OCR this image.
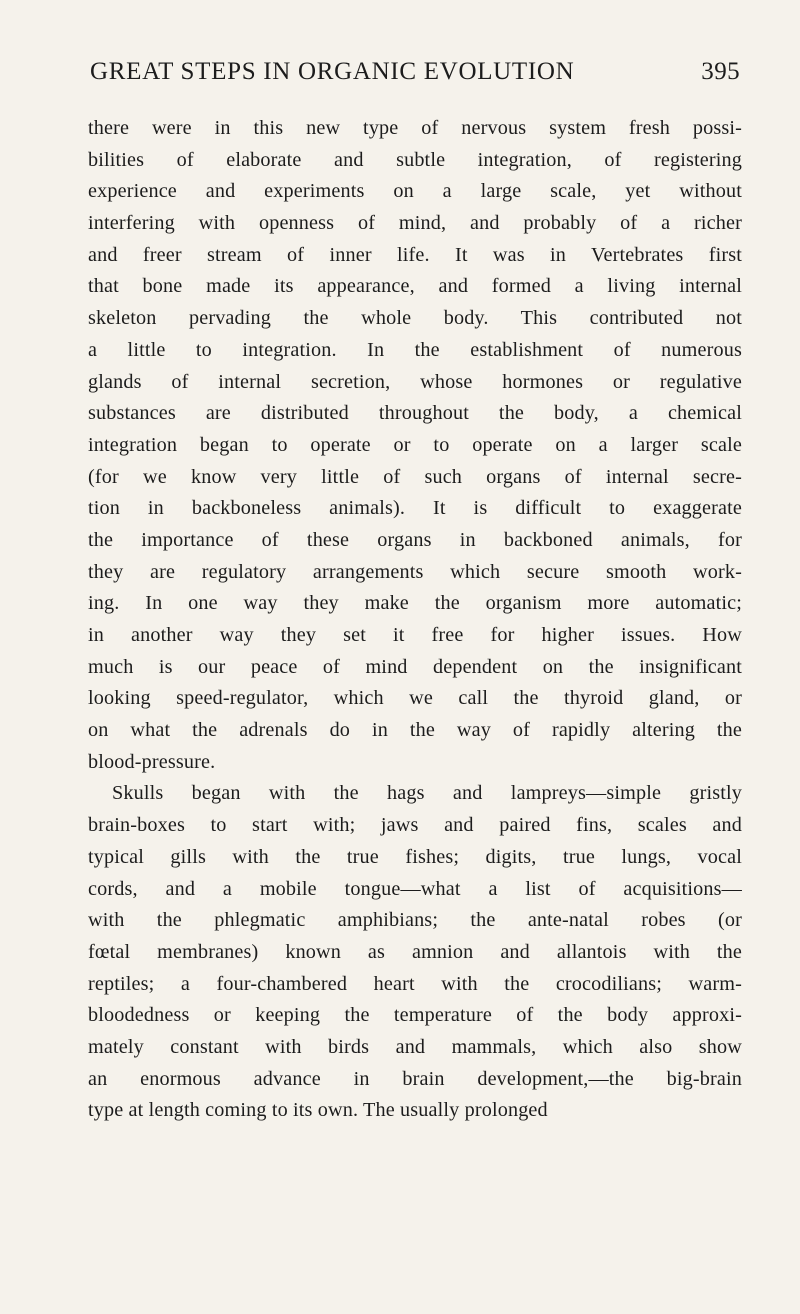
GREAT STEPS IN ORGANIC EVOLUTION	395
there were in this new type of nervous system fresh possi-
bilities of elaborate and subtle integration, of registering
experience and experiments on a large scale, yet without
interfering with openness of mind, and probably of a richer
and freer stream of inner life. It was in Vertebrates first
that bone made its appearance, and formed a living internal
skeleton pervading the whole body. This contributed not
a little to integration. In the establishment of numerous
glands of internal secretion, whose hormones or regulative
substances are distributed throughout the body, a chemical
integration began to operate or to operate on a larger scale
(for we know very little of such organs of internal secre-
tion in backboneless animals). It is difficult to exaggerate
the importance of these organs in backboned animals, for
they are regulatory arrangements which secure smooth work-
ing. In one way they make the organism more automatic;
in another way they set it free for higher issues. How
much is our peace of mind dependent on the insignificant
looking speed-regulator, which we call the thyroid gland, or
on what the adrenals do in the way of rapidly altering the
blood-pressure.
Skulls began with the hags and lampreys—simple gristly
brain-boxes to start with; jaws and paired fins, scales and
typical gills with the true fishes; digits, true lungs, vocal
cords, and a mobile tongue—what a list of acquisitions—
with the phlegmatic amphibians; the ante-natal robes (or
fœtal membranes) known as amnion and allantois with the
reptiles; a four-chambered heart with the crocodilians; warm-
bloodedness or keeping the temperature of the body approxi-
mately constant with birds and mammals, which also show
an enormous advance in brain development,—the big-brain
type at length coming to its own. The usually prolonged
